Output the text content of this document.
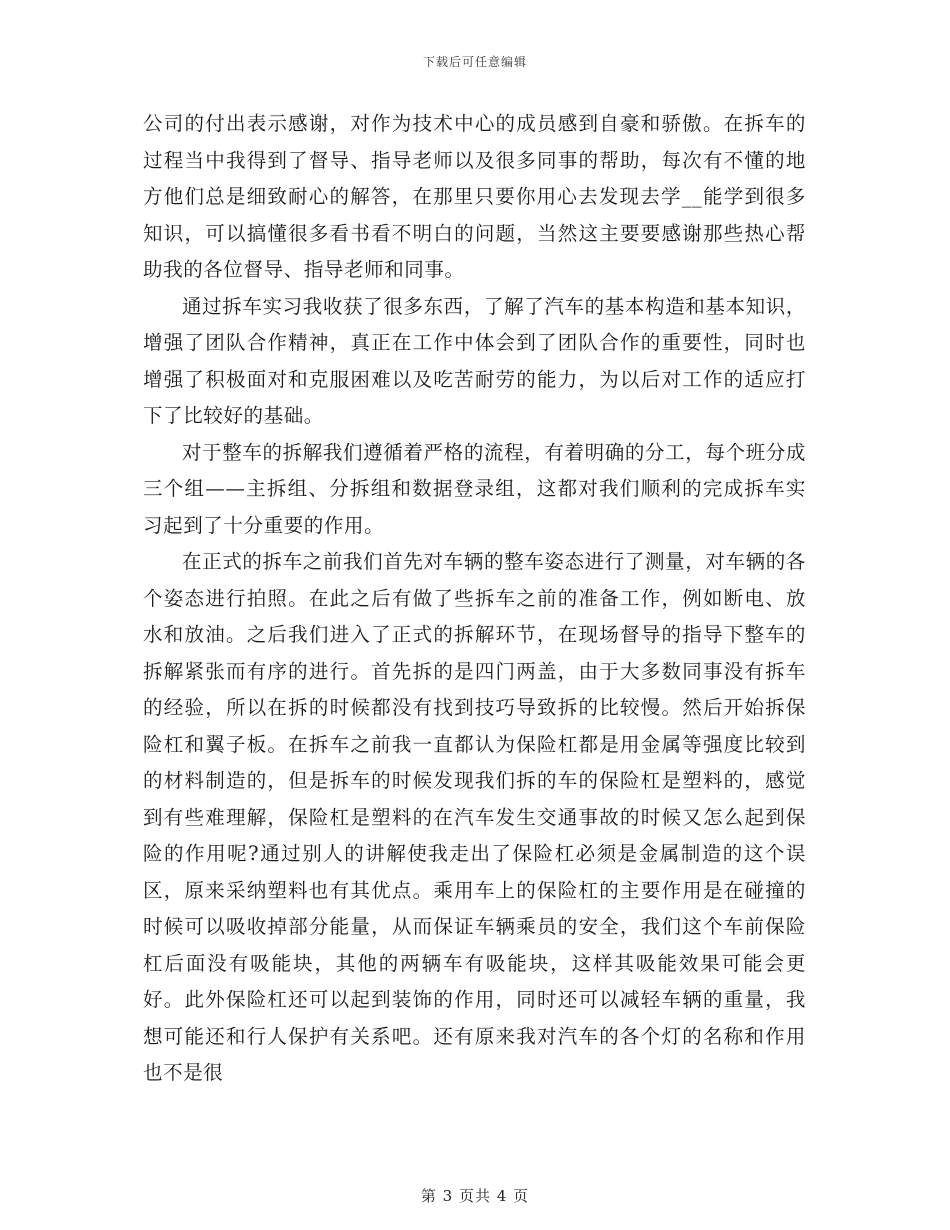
下载后可任意编辑

公司的付出表示感谢，对作为技术中心的成员感到自豪和骄傲。在拆车的过程当中我得到了督导、指导老师以及很多同事的帮助，每次有不懂的地方他们总是细致耐心的解答，在那里只要你用心去发现去学__能学到很多知识，可以搞懂很多看书看不明白的问题，当然这主要要感谢那些热心帮助我的各位督导、指导老师和同事。

通过拆车实习我收获了很多东西，了解了汽车的基本构造和基本知识，增强了团队合作精神，真正在工作中体会到了团队合作的重要性，同时也增强了积极面对和克服困难以及吃苦耐劳的能力，为以后对工作的适应打下了比较好的基础。

对于整车的拆解我们遵循着严格的流程，有着明确的分工，每个班分成三个组——主拆组、分拆组和数据登录组，这都对我们顺利的完成拆车实习起到了十分重要的作用。

在正式的拆车之前我们首先对车辆的整车姿态进行了测量，对车辆的各个姿态进行拍照。在此之后有做了些拆车之前的准备工作，例如断电、放水和放油。之后我们进入了正式的拆解环节，在现场督导的指导下整车的拆解紧张而有序的进行。首先拆的是四门两盖，由于大多数同事没有拆车的经验，所以在拆的时候都没有找到技巧导致拆的比较慢。然后开始拆保险杠和翼子板。在拆车之前我一直都认为保险杠都是用金属等强度比较到的材料制造的，但是拆车的时候发现我们拆的车的保险杠是塑料的，感觉到有些难理解，保险杠是塑料的在汽车发生交通事故的时候又怎么起到保险的作用呢?通过别人的讲解使我走出了保险杠必须是金属制造的这个误区，原来采纳塑料也有其优点。乘用车上的保险杠的主要作用是在碰撞的时候可以吸收掉部分能量，从而保证车辆乘员的安全，我们这个车前保险杠后面没有吸能块，其他的两辆车有吸能块，这样其吸能效果可能会更好。此外保险杠还可以起到装饰的作用，同时还可以减轻车辆的重量，我想可能还和行人保护有关系吧。还有原来我对汽车的各个灯的名称和作用也不是很

第 3 页共 4 页
